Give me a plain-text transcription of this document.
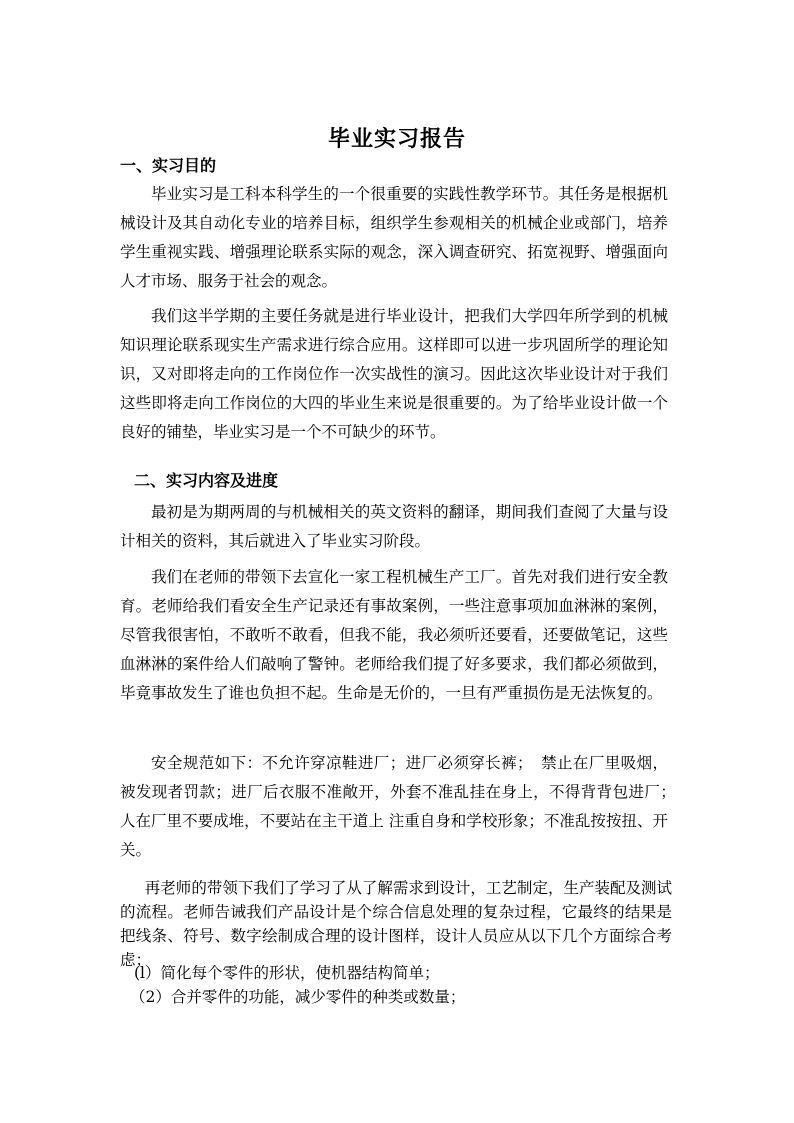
毕业实习报告
一、实习目的

毕业实习是工科本科学生的一个很重要的实践性教学环节。其任务是根据机械设计及其自动化专业的培养目标，组织学生参观相关的机械企业或部门，培养学生重视实践、增强理论联系实际的观念，深入调查研究、拓宽视野、增强面向人才市场、服务于社会的观念。

我们这半学期的主要任务就是进行毕业设计，把我们大学四年所学到的机械知识理论联系现实生产需求进行综合应用。这样即可以进一步巩固所学的理论知识，又对即将走向的工作岗位作一次实战性的演习。因此这次毕业设计对于我们这些即将走向工作岗位的大四的毕业生来说是很重要的。为了给毕业设计做一个良好的铺垫，毕业实习是一个不可缺少的环节。

二、实习内容及进度

最初是为期两周的与机械相关的英文资料的翻译，期间我们查阅了大量与设计相关的资料，其后就进入了毕业实习阶段。

我们在老师的带领下去宣化一家工程机械生产工厂。首先对我们进行安全教育。老师给我们看安全生产记录还有事故案例，一些注意事项加血淋淋的案例，尽管我很害怕，不敢听不敢看，但我不能，我必须听还要看，还要做笔记，这些血淋淋的案件给人们敲响了警钟。老师给我们提了好多要求，我们都必须做到，毕竟事故发生了谁也负担不起。生命是无价的，一旦有严重损伤是无法恢复的。

安全规范如下：不允许穿凉鞋进厂；进厂必须穿长裤；　禁止在厂里吸烟，被发现者罚款；进厂后衣服不准敞开，外套不准乱挂在身上，不得背背包进厂；　人在厂里不要成堆，不要站在主干道上 注重自身和学校形象；不准乱按按扭、开关。

再老师的带领下我们了学习了从了解需求到设计，工艺制定，生产装配及测试的流程。老师告诫我们产品设计是个综合信息处理的复杂过程，它最终的结果是把线条、符号、数字绘制成合理的设计图样，设计人员应从以下几个方面综合考虑；

(l）简化每个零件的形状，使机器结构简单；

（2）合并零件的功能，减少零件的种类或数量；
